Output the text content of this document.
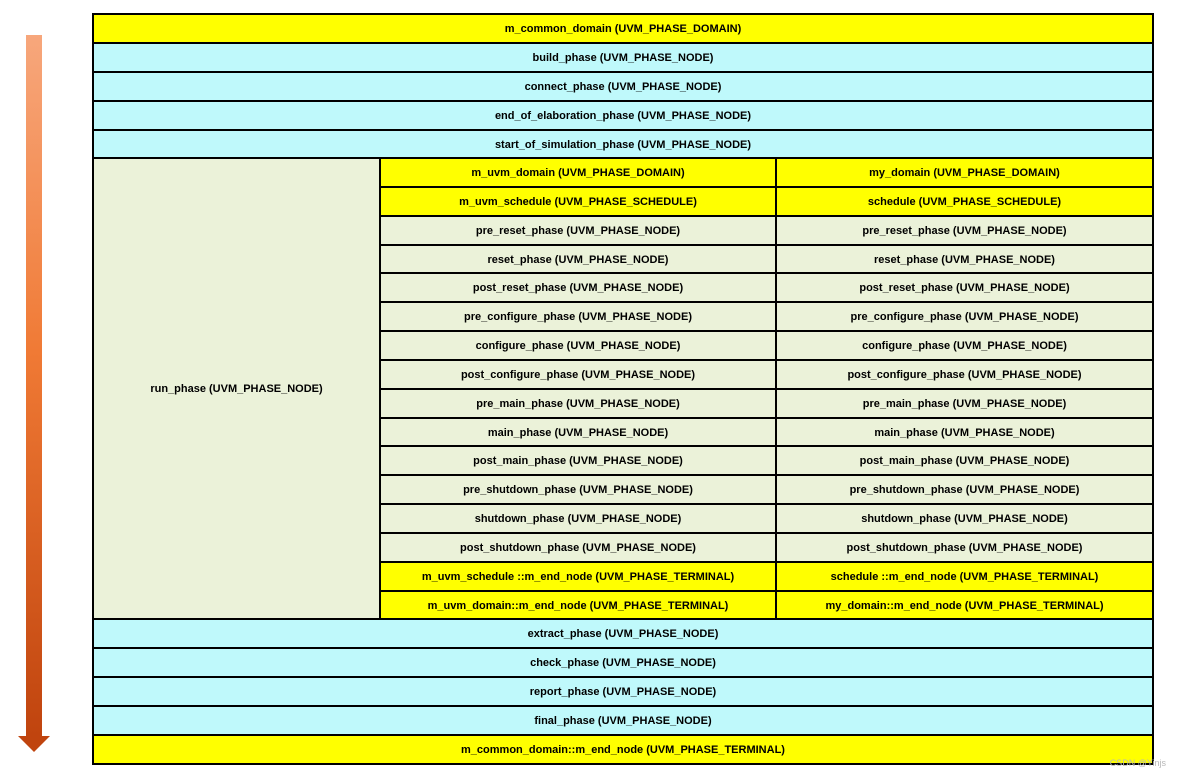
m_common_domain (UVM_PHASE_DOMAIN)
build_phase (UVM_PHASE_NODE)
connect_phase (UVM_PHASE_NODE)
end_of_elaboration_phase (UVM_PHASE_NODE)
start_of_simulation_phase (UVM_PHASE_NODE)
run_phase (UVM_PHASE_NODE)
m_uvm_domain (UVM_PHASE_DOMAIN)
m_uvm_schedule (UVM_PHASE_SCHEDULE)
pre_reset_phase (UVM_PHASE_NODE)
reset_phase (UVM_PHASE_NODE)
post_reset_phase (UVM_PHASE_NODE)
pre_configure_phase (UVM_PHASE_NODE)
configure_phase (UVM_PHASE_NODE)
post_configure_phase (UVM_PHASE_NODE)
pre_main_phase (UVM_PHASE_NODE)
main_phase (UVM_PHASE_NODE)
post_main_phase (UVM_PHASE_NODE)
pre_shutdown_phase (UVM_PHASE_NODE)
shutdown_phase (UVM_PHASE_NODE)
post_shutdown_phase (UVM_PHASE_NODE)
m_uvm_schedule ::m_end_node (UVM_PHASE_TERMINAL)
m_uvm_domain::m_end_node (UVM_PHASE_TERMINAL)
my_domain (UVM_PHASE_DOMAIN)
schedule (UVM_PHASE_SCHEDULE)
pre_reset_phase (UVM_PHASE_NODE)
reset_phase (UVM_PHASE_NODE)
post_reset_phase (UVM_PHASE_NODE)
pre_configure_phase (UVM_PHASE_NODE)
configure_phase (UVM_PHASE_NODE)
post_configure_phase (UVM_PHASE_NODE)
pre_main_phase (UVM_PHASE_NODE)
main_phase (UVM_PHASE_NODE)
post_main_phase (UVM_PHASE_NODE)
pre_shutdown_phase (UVM_PHASE_NODE)
shutdown_phase (UVM_PHASE_NODE)
post_shutdown_phase (UVM_PHASE_NODE)
schedule ::m_end_node (UVM_PHASE_TERMINAL)
my_domain::m_end_node (UVM_PHASE_TERMINAL)
extract_phase (UVM_PHASE_NODE)
check_phase (UVM_PHASE_NODE)
report_phase (UVM_PHASE_NODE)
final_phase (UVM_PHASE_NODE)
m_common_domain::m_end_node (UVM_PHASE_TERMINAL)
CSDN @Yinjs
